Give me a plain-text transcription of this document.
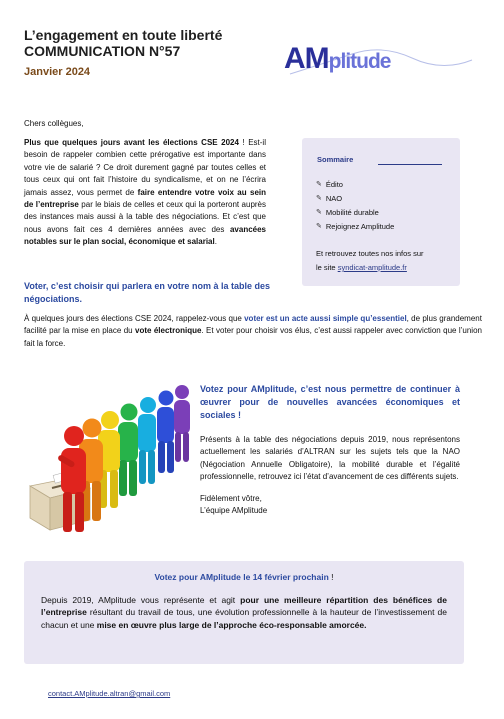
L’engagement en toute liberté
COMMUNICATION N°57
Janvier 2024	AMplitude
Chers collègues,
Plus que quelques jours avant les élections CSE 2024 ! Est-il besoin de rappeler combien cette prérogative est importante dans votre vie de salarié ? Ce droit durement gagné par toutes celles et tous ceux qui ont fait l’histoire du syndicalisme, et on ne l’écrira jamais assez, vous permet de faire entendre votre voix au sein de l’entreprise par le biais de celles et ceux qui la porteront auprès des instances mais aussi à la table des négociations. Et c’est que nous avons fait ces 4 dernières années avec des avancées notables sur le plan social, économique et salarial.
Voter, c’est choisir qui parlera en votre nom à la table des négociations.
Sommaire
✎ Édito
✎ NAO
✎ Mobilité durable
✎ Rejoignez Amplitude
Et retrouvez toutes nos infos sur
le site syndicat-amplitude.fr
À quelques jours des élections CSE 2024, rappelez-vous que voter est un acte aussi simple qu’essentiel, de plus grandement facilité par la mise en place du vote électronique. Et voter pour choisir vos élus, c’est aussi rappeler avec conviction que l’union fait la force.
Votez pour AMplitude, c’est nous permettre de continuer à œuvrer pour de nouvelles avancées économiques et sociales !
Présents à la table des négociations depuis 2019, nous représentons actuellement les salariés d’ALTRAN sur les sujets tels que la NAO (Négociation Annuelle Obligatoire), la mobilité durable et l’égalité professionnelle, retrouvez ici l’état d’avancement de ces différents sujets.
Fidèlement vôtre,
L’équipe AMplitude
Votez pour AMplitude le 14 février prochain !
Depuis 2019, AMplitude vous représente et agit pour une meilleure répartition des bénéfices de l’entreprise résultant du travail de tous, une évolution professionnelle à la hauteur de l’investissement de chacun et une mise en œuvre plus large de l’approche éco-responsable amorcée.
contact.AMplitude.altran@gmail.com
